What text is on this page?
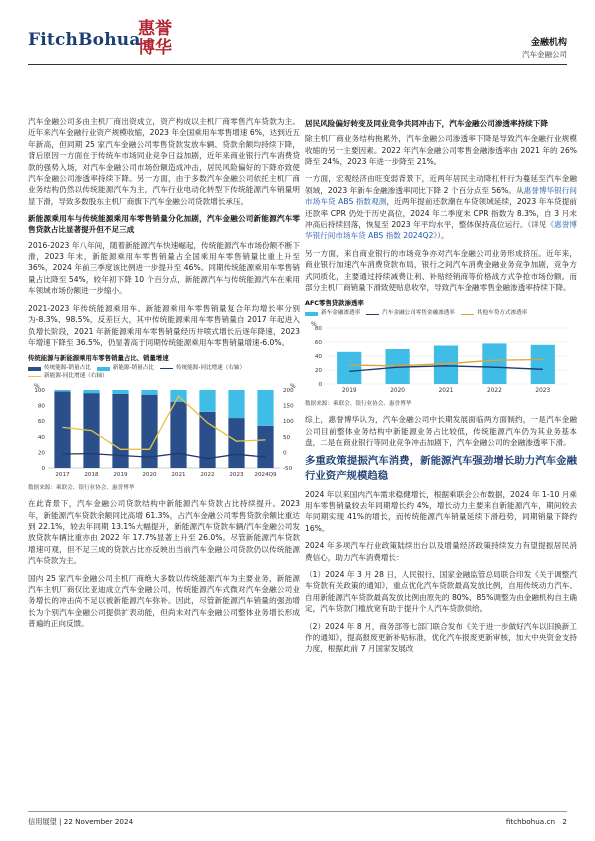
FitchBohua
惠誉
博华	金融机构
汽车金融公司

汽车金融公司多由主机厂商出资成立，资产构成以主机厂商零售汽车贷款为主。近年来汽车金融行业资产规模收缩，2023 年全国乘用车零售增速 6%，达到近五年新高，但同期 25 家汽车金融公司零售贷款发放车辆、贷款余额均持续下降，背后原因一方面在于传统车市场同业竞争日益加剧，近年来商业银行汽车消费贷款的强势入场，对汽车金融公司市场份额造成冲击，居民风险偏好的下降亦致使汽车金融公司渗透率持续下降。另一方面，由于多数汽车金融公司依托主机厂商业务结构仍然以传统能源汽车为主，汽车行业电动化转型下传统能源汽车销量明显下滑，导致多数股东主机厂商旗下汽车金融公司贷款增长承压。

新能源乘用车与传统能源乘用车零售销量分化加剧，汽车金融公司新能源汽车零售贷款占比显著提升但不足三成

2016-2023 年八年间，随着新能源汽车快速崛起，传统能源汽车市场份额不断下滑，2023 年末，新能源乘用车零售销量占全国乘用车零售销量比重上升至 36%，2024 年前三季度该比例进一步提升至 46%。同期传统能源乘用车零售销量占比降至 54%，较年初下降 10 个百分点，新能源汽车与传统能源汽车在乘用车领域市场份额进一步缩小。

2021-2023 年传统能源乘用车、新能源乘用车零售销量复合年均增长率分别为-8.3%、98.5%，反差巨大，其中传统能源乘用车零售销量自 2017 年起进入负增长阶段，2021 年新能源乘用车零售销量经历井喷式增长后逐年降速，2023 年增速下降至 36.5%，仍显著高于同期传统能源乘用车零售销量增速-6.0%。

传统能源与新能源乘用车零售销量占比、销量增速
传统能源-销量占比	新能源-销量占比	传统能源-同比增速（右轴）
新能源-同比增速（右轴）
%	%
0
20
40
60
80
100
-50
0
50
100
150
200
2017	2018	2019	2020	2021	2022	2023 2024Q9
数据来源：乘联会、银行业协会、惠誉博华

在此背景下，汽车金融公司贷款结构中新能源汽车贷款占比持续提升。2023 年，新能源汽车贷款余额同比高增 61.3%，占汽车金融公司零售贷款余额比重达到 22.1%，较去年同期 13.1%大幅提升，新能源汽车贷款车辆/汽车金融公司发放贷款车辆比重亦由 2022 年 17.7%显著上升至 26.0%。尽管新能源汽车贷款增速可观，但不足三成的贷款占比亦反映出当前汽车金融公司贷款仍以传统能源汽车贷款为主。

国内 25 家汽车金融公司主机厂商绝大多数以传统能源汽车为主要业务，新能源汽车主机厂商仅比亚迪成立汽车金融公司，传统能源汽车式微对汽车金融公司业务增长的冲击尚不足以被新能源汽车弥补。因此，尽管新能源汽车销量的强劲增长为个别汽车金融公司提供扩表动能，但尚未对汽车金融公司整体业务增长形成普遍的正向反馈。

居民风险偏好转变及同业竞争共同冲击下，汽车金融公司渗透率持续下降

除主机厂商业务结构拖累外，汽车金融公司渗透率下降是导致汽车金融行业规模收缩的另一主要因素。2022 年汽车金融公司零售金融渗透率由 2021 年的 26%降至 24%，2023 年进一步降至 21%。

一方面，宏观经济由旺变弱背景下，近两年居民主动降杠杆行为蔓延至汽车金融领域，2023 年新车金融渗透率同比下降 2 个百分点至 56%。从惠誉博华银行间市场车贷 ABS 指数观测，近两年提前还款潮在车贷领域延续，2023 年车贷提前还款率 CPR 仍处于历史高位，2024 年二季度末 CPR 指数为 8.3%，自 3 月末冲高后持续回落，恢复至 2023 年平均水平，整体保持高位运行。（详见《惠誉博华银行间市场车贷 ABS 指数 2024Q2》）。

另一方面，来自商业银行的市场竞争亦对汽车金融公司业务形成挤压。近年来，商业银行加速汽车消费贷款布局，银行之间汽车消费金融业务竞争加剧，竞争方式同质化，主要通过持续减费让利、补贴经销商等价格战方式争抢市场份额。而部分主机厂商销量下滑致使贴息收窄，导致汽车金融零售金融渗透率持续下降。

AFC零售贷款渗透率
新车金融渗透率	汽车金融公司零售金融渗透率	其他车贷方式渗透率
%
0
20
40
60
80
2019	2020	2021	2022	2023
数据来源：乘联会、银行业协会、惠誉博华

综上，惠誉博华认为，汽车金融公司中长期发展面临两方面制约，一是汽车金融公司目前整体业务结构中新能源业务占比较低，传统能源汽车仍为其业务基本盘，二是在商业银行等同业竞争冲击加剧下，汽车金融公司的金融渗透率下滑。

多重政策提振汽车消费，新能源汽车强劲增长助力汽车金融行业资产规模趋稳

2024 年以来国内汽车需求稳健增长，根据乘联会公布数据，2024 年 1-10 月乘用车零售销量较去年同期增长约 4%，增长动力主要来自新能源汽车，期间较去年同期实现 41%的增长，而传统能源汽车销量延续下滑趋势，同期销量下降约 16%。

2024 年多项汽车行业政策陆续出台以及增量经济政策持续发力有望提振居民消费信心，助力汽车消费增长：

（1）2024 年 3 月 28 日，人民银行、国家金融监管总局联合印发《关于调整汽车贷款有关政策的通知》，重点优化汽车贷款最高发放比例，自用传统动力汽车、自用新能源汽车贷款最高发放比例由原先的 80%、85%调整为由金融机构自主确定，汽车贷款门槛放宽有助于提升个人汽车贷款供给。

（2）2024 年 8 月，商务部等七部门联合发布《关于进一步做好汽车以旧换新工作的通知》，提高报废更新补贴标准，优化汽车报废更新审核，加大中央资金支持力度，根据此前 7 月国家发展改

信用展望 | 22 November 2024	fitchbohua.cn 2
